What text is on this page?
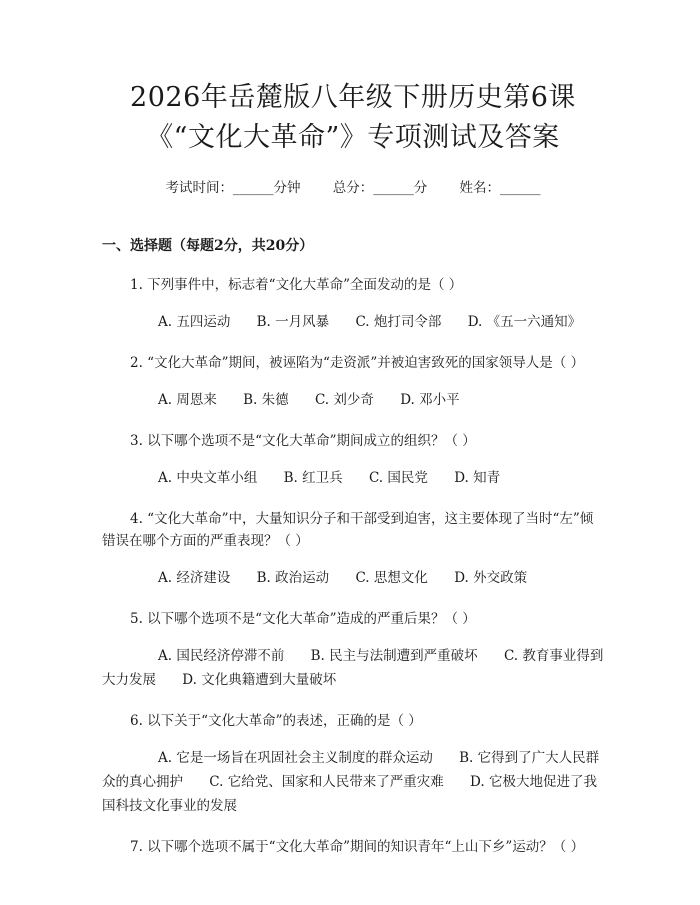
2026年岳麓版八年级下册历史第6课《“文化大革命”》专项测试及答案
考试时间：______分钟 总分：______分 姓名：______
一、选择题（每题2分，共20分）
1. 下列事件中，标志着“文化大革命”全面发动的是（ ）
A. 五四运动 B. 一月风暴 C. 炮打司令部 D. 《五一六通知》
2. “文化大革命”期间，被诬陷为“走资派”并被迫害致死的国家领导人是（ ）
A. 周恩来 B. 朱德 C. 刘少奇 D. 邓小平
3. 以下哪个选项不是“文化大革命”期间成立的组织？（ ）
A. 中央文革小组 B. 红卫兵 C. 国民党 D. 知青
4. “文化大革命”中，大量知识分子和干部受到迫害，这主要体现了当时“左”倾错误在哪个方面的严重表现？（ ）
A. 经济建设 B. 政治运动 C. 思想文化 D. 外交政策
5. 以下哪个选项不是“文化大革命”造成的严重后果？（ ）
A. 国民经济停滞不前 B. 民主与法制遭到严重破坏 C. 教育事业得到大力发展 D. 文化典籍遭到大量破坏
6. 以下关于“文化大革命”的表述，正确的是（ ）
A. 它是一场旨在巩固社会主义制度的群众运动 B. 它得到了广大人民群众的真心拥护 C. 它给党、国家和人民带来了严重灾难 D. 它极大地促进了我国科技文化事业的发展
7. 以下哪个选项不属于“文化大革命”期间的知识青年“上山下乡”运动？（ ）
